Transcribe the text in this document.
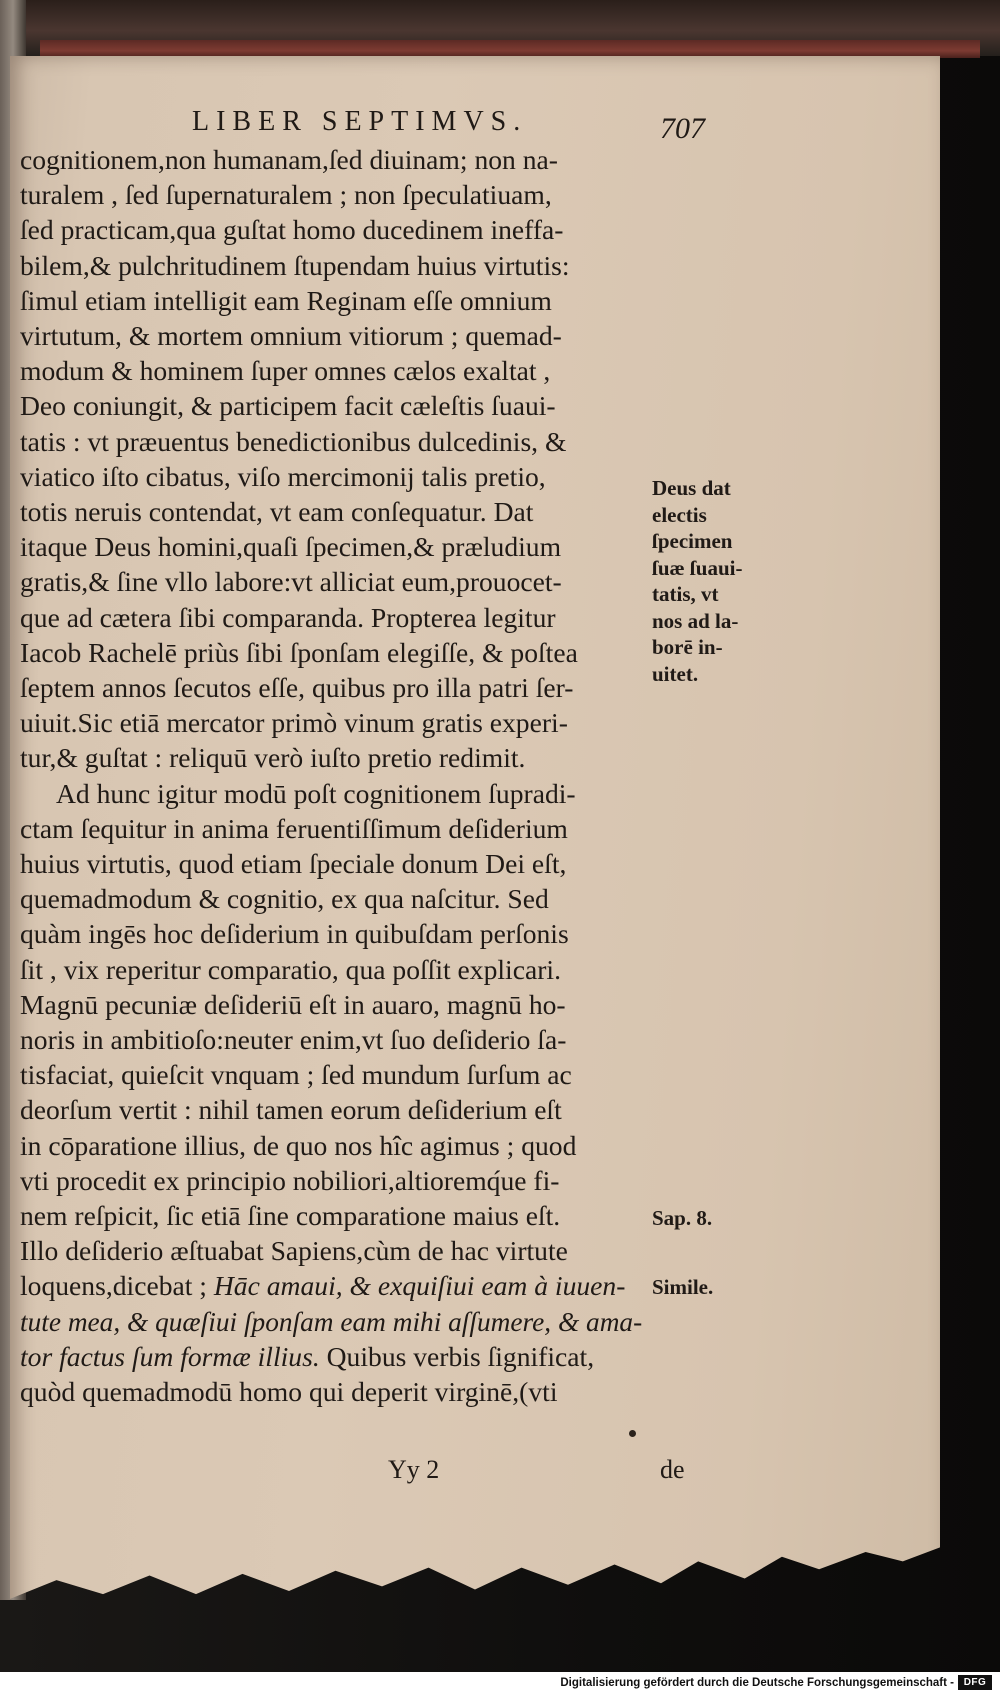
LIBER SEPTIMVS.	707
cognitionem,non humanam,ſed diuinam; non na-
turalem , ſed ſupernaturalem ; non ſpeculatiuam,
ſed practicam,qua guſtat homo ducedinem ineffa-
bilem,& pulchritudinem ſtupendam huius virtutis:
ſimul etiam intelligit eam Reginam eſſe omnium
virtutum, & mortem omnium vitiorum ; quemad-
modum & hominem ſuper omnes cælos exaltat ,
Deo coniungit, & participem facit cæleſtis ſuaui-
tatis : vt præuentus benedictionibus dulcedinis, &
viatico iſto cibatus, viſo mercimonij talis pretio,
totis neruis contendat, vt eam conſequatur. Dat
itaque Deus homini,quaſi ſpecimen,& præludium
gratis,& ſine vllo labore:vt alliciat eum,prouocet-
que ad cætera ſibi comparanda. Propterea legitur
Iacob Rachelē priùs ſibi ſponſam elegiſſe, & poſtea
ſeptem annos ſecutos eſſe, quibus pro illa patri ſer-
uiuit.Sic etiā mercator primò vinum gratis experi-
tur,& guſtat : reliquū verò iuſto pretio redimit.
Ad hunc igitur modū poſt cognitionem ſupradi-
ctam ſequitur in anima feruentiſſimum deſiderium
huius virtutis, quod etiam ſpeciale donum Dei eſt,
quemadmodum & cognitio, ex qua naſcitur. Sed
quàm ingēs hoc deſiderium in quibuſdam perſonis
ſit , vix reperitur comparatio, qua poſſit explicari.
Magnū pecuniæ deſideriū eſt in auaro, magnū ho-
noris in ambitioſo:neuter enim,vt ſuo deſiderio ſa-
tisfaciat, quieſcit vnquam ; ſed mundum ſurſum ac
deorſum vertit : nihil tamen eorum deſiderium eſt
in cōparatione illius, de quo nos hîc agimus ; quod
vti procedit ex principio nobiliori,altioremq́ue fi-
nem reſpicit, ſic etiā ſine comparatione maius eſt.
Illo deſiderio æſtuabat Sapiens,cùm de hac virtute
loquens,dicebat ; Hāc amaui, & exquiſiui eam à iuuen-
tute mea, & quæſiui ſponſam eam mihi aſſumere, & ama-
tor factus ſum formæ illius. Quibus verbis ſignificat,
quòd quemadmodū homo qui deperit virginē,(vti
Yy 2	de
Deus dat
electis
ſpecimen
ſuæ ſuaui-
tatis, vt
nos ad la-
borē in-
uitet.
Sap. 8.
Simile.
Digitalisierung gefördert durch die Deutsche Forschungsgemeinschaft - DFG
